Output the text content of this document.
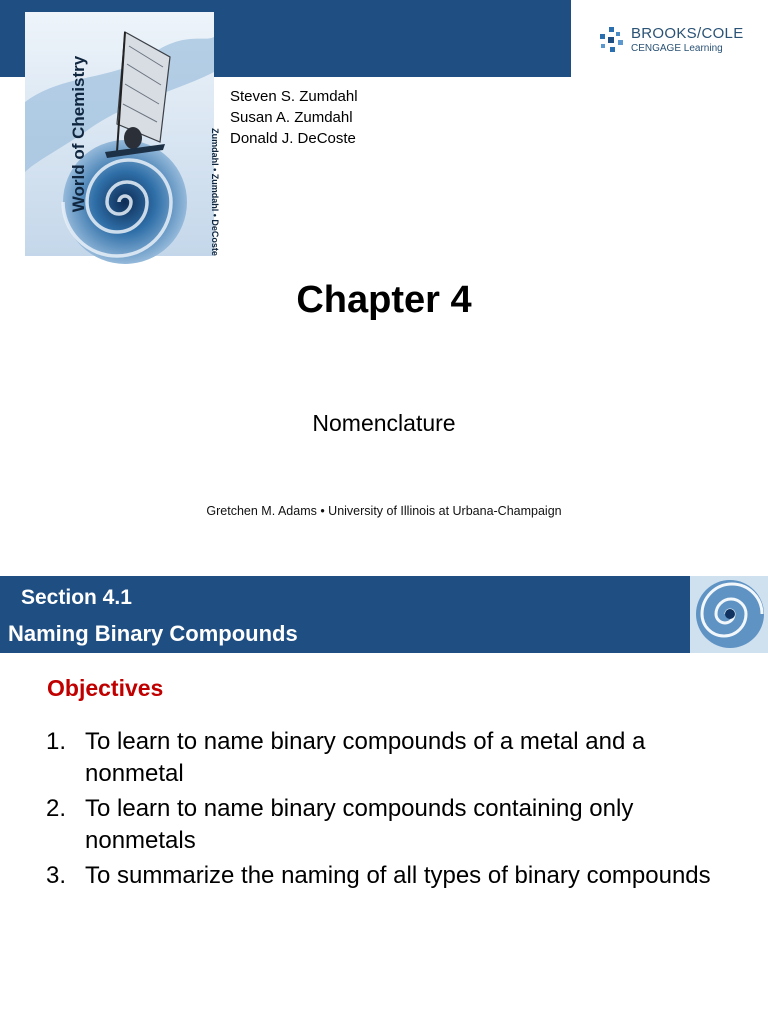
World of Chemistry	Zumdahl • Zumdahl • DeCoste
BROOKS/COLE
CENGAGE Learning
Steven S. Zumdahl
Susan A. Zumdahl
Donald J. DeCoste
Chapter 4

Nomenclature

Gretchen M. Adams • University of Illinois at Urbana-Champaign

Section 4.1
Naming Binary Compounds
Objectives
1. To learn to name binary compounds of a metal and a nonmetal
2. To learn to name binary compounds containing only nonmetals
3. To summarize the naming of all types of binary compounds
